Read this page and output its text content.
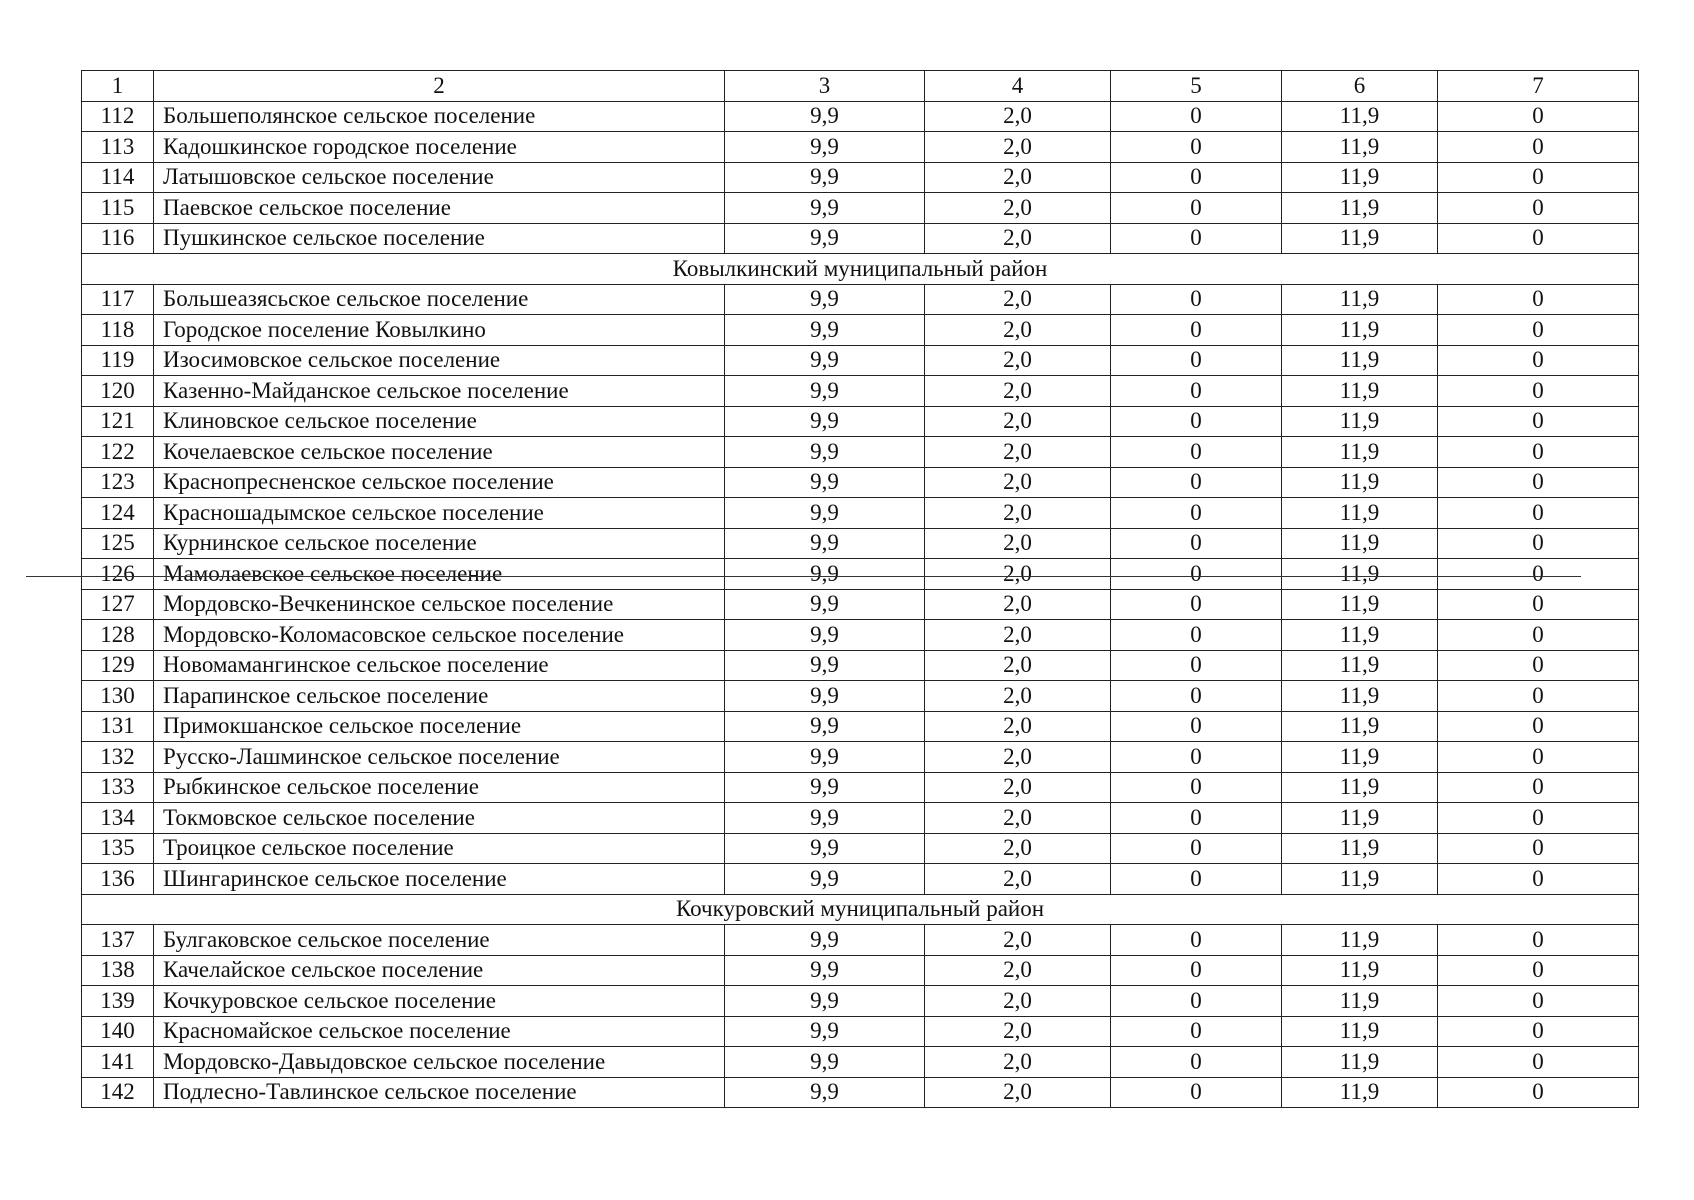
1	2	3	4	5	6	7
112	Большеполянское сельское поселение	9,9	2,0	0	11,9	0
113	Кадошкинское городское поселение	9,9	2,0	0	11,9	0
114	Латышовское сельское поселение	9,9	2,0	0	11,9	0
115	Паевское сельское поселение	9,9	2,0	0	11,9	0
116	Пушкинское сельское поселение	9,9	2,0	0	11,9	0
Ковылкинский муниципальный район						
117	Большеазясьское сельское поселение	9,9	2,0	0	11,9	0
118	Городское поселение Ковылкино	9,9	2,0	0	11,9	0
119	Изосимовское сельское поселение	9,9	2,0	0	11,9	0
120	Казенно-Майданское сельское поселение	9,9	2,0	0	11,9	0
121	Клиновское сельское поселение	9,9	2,0	0	11,9	0
122	Кочелаевское сельское поселение	9,9	2,0	0	11,9	0
123	Краснопресненское сельское поселение	9,9	2,0	0	11,9	0
124	Красношадымское сельское поселение	9,9	2,0	0	11,9	0
125	Курнинское сельское поселение	9,9	2,0	0	11,9	0
126	Мамолаевское сельское поселение	9,9	2,0	0	11,9	0
127	Мордовско-Вечкенинское сельское поселение	9,9	2,0	0	11,9	0
128	Мордовско-Коломасовское сельское поселение	9,9	2,0	0	11,9	0
129	Новомамангинское сельское поселение	9,9	2,0	0	11,9	0
130	Парапинское сельское поселение	9,9	2,0	0	11,9	0
131	Примокшанское сельское поселение	9,9	2,0	0	11,9	0
132	Русско-Лашминское сельское поселение	9,9	2,0	0	11,9	0
133	Рыбкинское сельское поселение	9,9	2,0	0	11,9	0
134	Токмовское сельское поселение	9,9	2,0	0	11,9	0
135	Троицкое сельское поселение	9,9	2,0	0	11,9	0
136	Шингаринское сельское поселение	9,9	2,0	0	11,9	0
Кочкуровский муниципальный район						
137	Булгаковское сельское поселение	9,9	2,0	0	11,9	0
138	Качелайское сельское поселение	9,9	2,0	0	11,9	0
139	Кочкуровское сельское поселение	9,9	2,0	0	11,9	0
140	Красномайское сельское поселение	9,9	2,0	0	11,9	0
141	Мордовско-Давыдовское сельское поселение	9,9	2,0	0	11,9	0
142	Подлесно-Тавлинское сельское поселение	9,9	2,0	0	11,9	0
